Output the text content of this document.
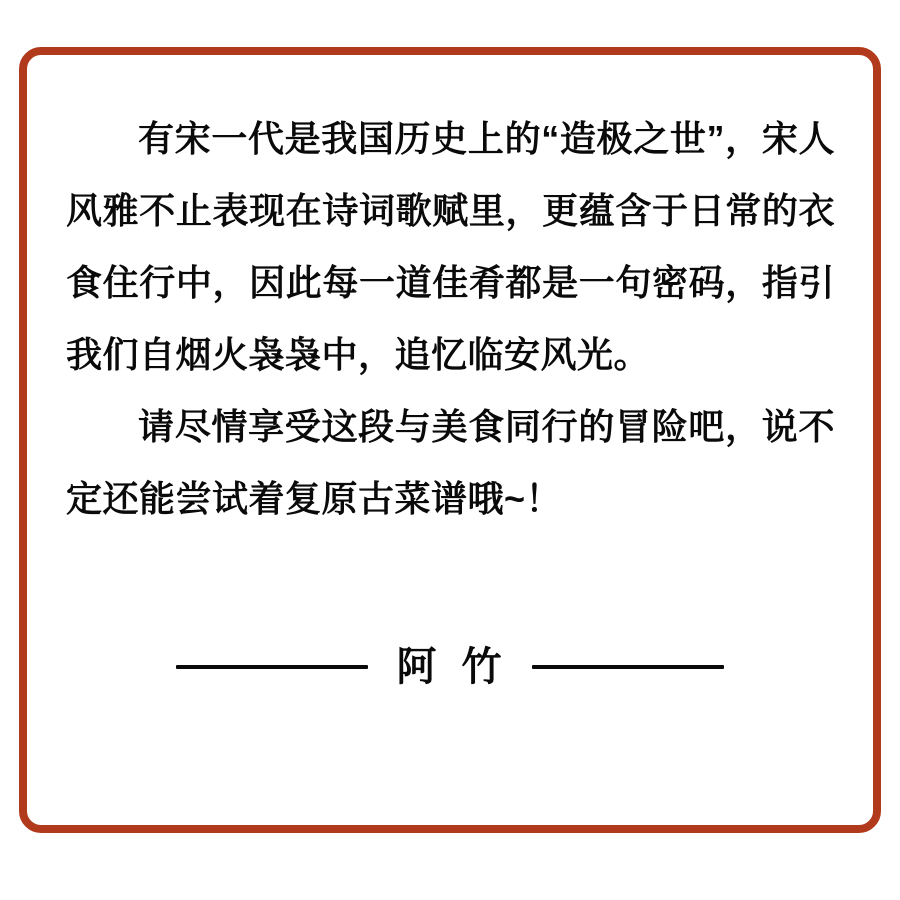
有宋一代是我国历史上的“造极之世”，宋人风雅不止表现在诗词歌赋里，更蕴含于日常的衣食住行中，因此每一道佳肴都是一句密码，指引我们自烟火袅袅中，追忆临安风光。

请尽情享受这段与美食同行的冒险吧，说不定还能尝试着复原古菜谱哦~！

阿 竹
